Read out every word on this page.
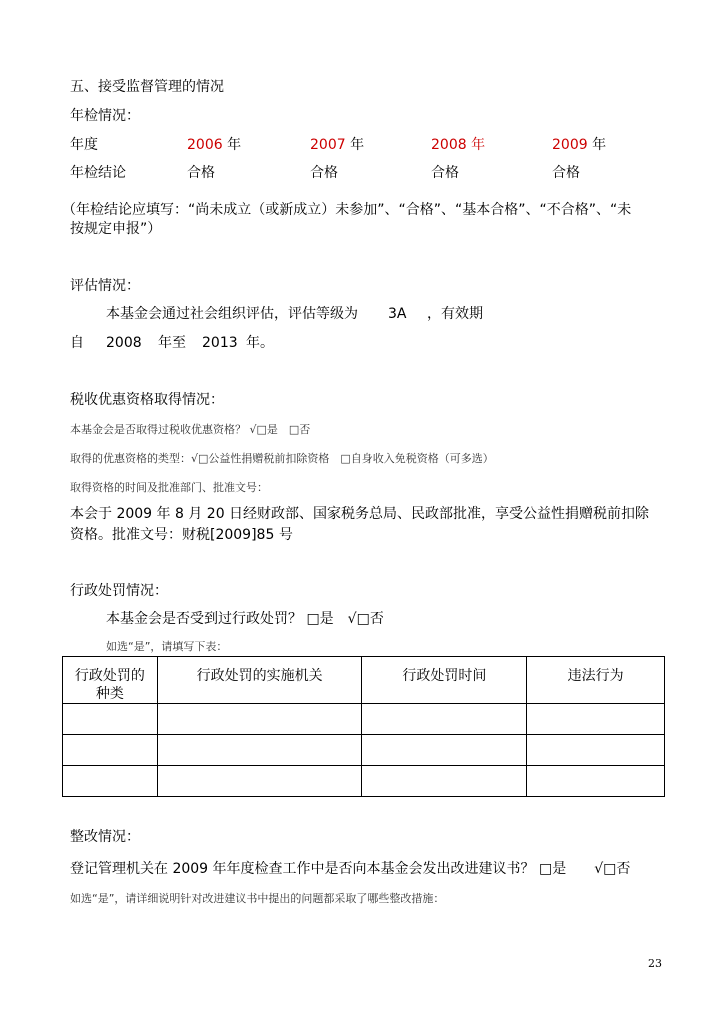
五、接受监督管理的情况
年检情况：
年度	2006 年	2007 年	2008 年	2009 年
年检结论	合格	合格	合格	合格
（年检结论应填写：“尚未成立（或新成立）未参加”、“合格”、“基本合格”、“不合格”、“未
按规定申报”）
评估情况：
本基金会通过社会组织评估，评估等级为 3A ，有效期
自 2008 年至 2013 年。
税收优惠资格取得情况：
本基金会是否取得过税收优惠资格？ √□是　□否
取得的优惠资格的类型：√□公益性捐赠税前扣除资格　□自身收入免税资格（可多选）
取得资格的时间及批准部门、批准文号：
本会于 2009 年 8 月 20 日经财政部、国家税务总局、民政部批准，享受公益性捐赠税前扣除
资格。批准文号：财税[2009]85 号
行政处罚情况：
本基金会是否受到过行政处罚？ □是　√□否
如选“是”，请填写下表：
行政处罚的
种类	行政处罚的实施机关	行政处罚时间	违法行为

整改情况：
登记管理机关在 2009 年年度检查工作中是否向本基金会发出改进建议书？ □是　　√□否
如选“是”，请详细说明针对改进建议书中提出的问题都采取了哪些整改措施：
23
